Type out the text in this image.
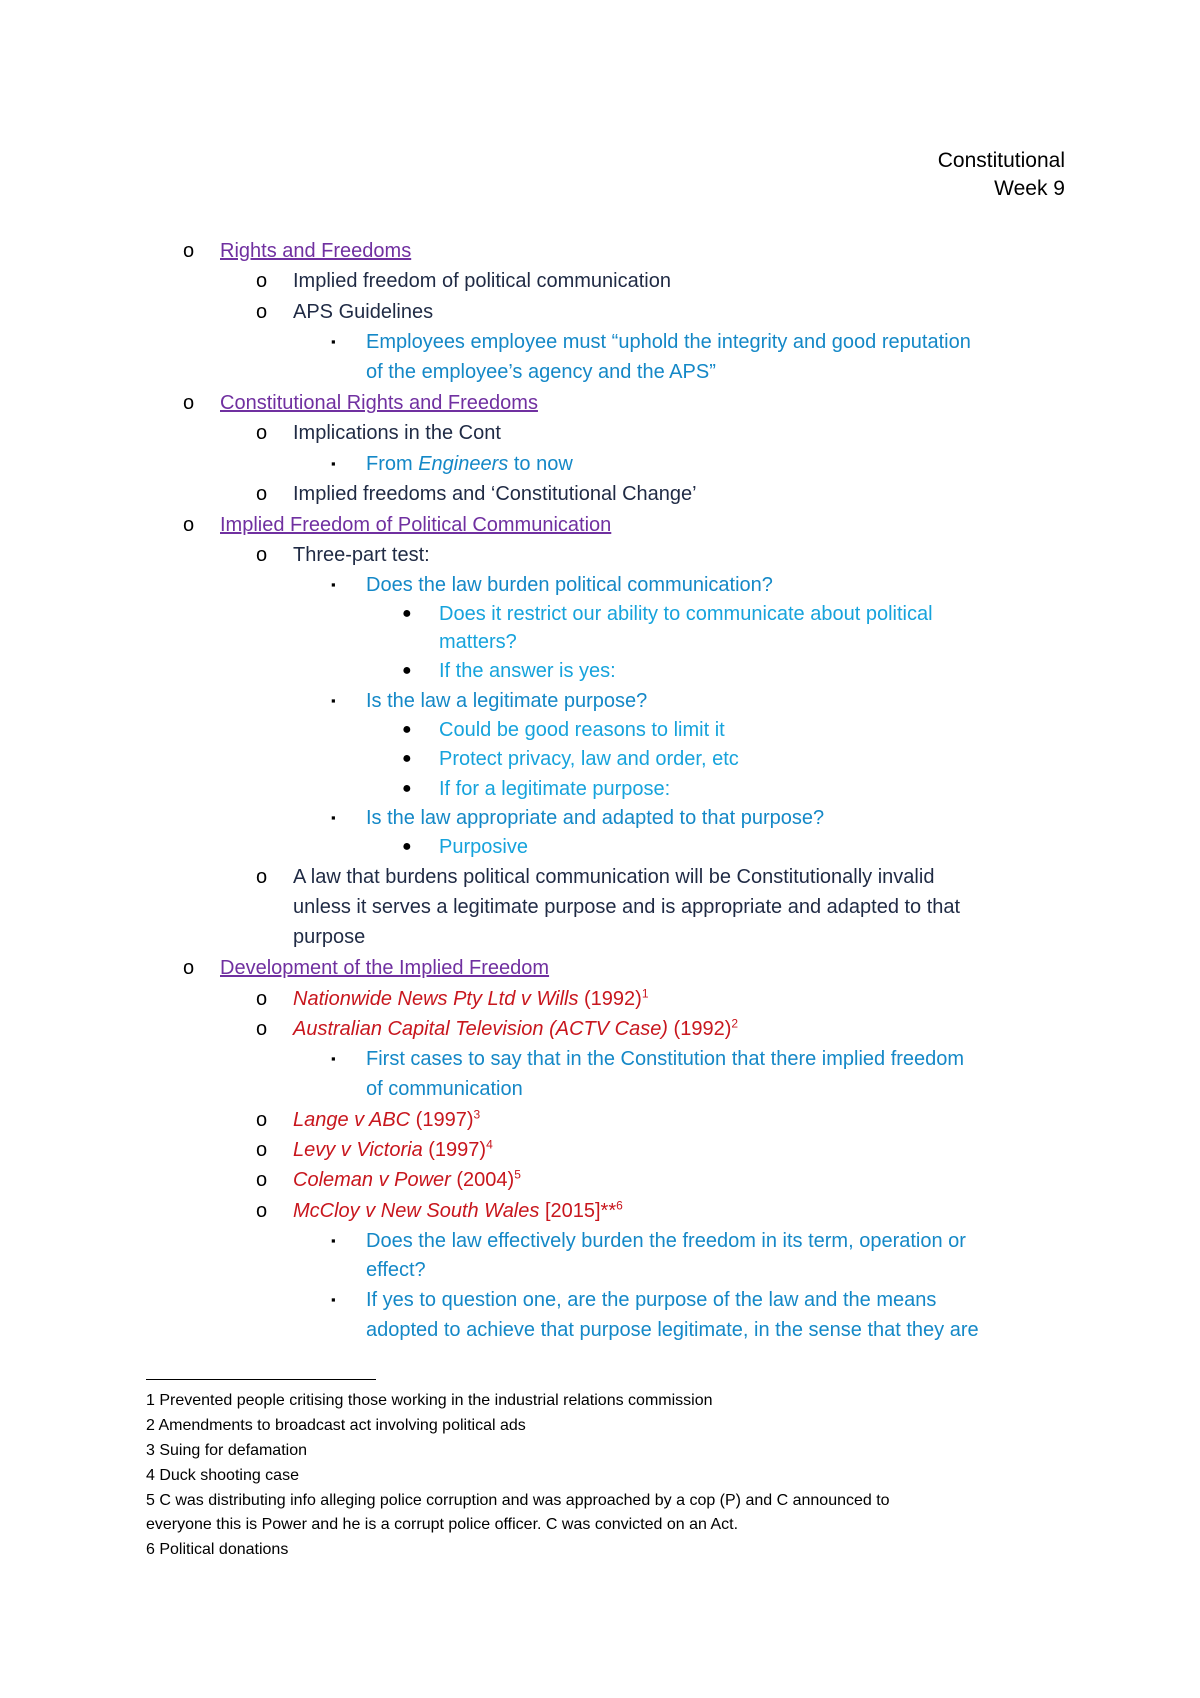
Constitutional
Week 9
o Rights and Freedoms
o Implied freedom of political communication
o APS Guidelines
▪ Employees employee must “uphold the integrity and good reputation
of the employee’s agency and the APS”
o Constitutional Rights and Freedoms
o Implications in the Cont
▪ From Engineers to now
o Implied freedoms and ‘Constitutional Change’
o Implied Freedom of Political Communication
o Three-part test:
▪ Does the law burden political communication?
● Does it restrict our ability to communicate about political
matters?
● If the answer is yes:
▪ Is the law a legitimate purpose?
● Could be good reasons to limit it
● Protect privacy, law and order, etc
● If for a legitimate purpose:
▪ Is the law appropriate and adapted to that purpose?
● Purposive
o A law that burdens political communication will be Constitutionally invalid
unless it serves a legitimate purpose and is appropriate and adapted to that
purpose
o Development of the Implied Freedom
o Nationwide News Pty Ltd v Wills $(1992)^1$
o Australian Capital Television (ACTV Case) $(1992)^2$
▪ First cases to say that in the Constitution that there implied freedom
of communication
o Lange v ABC $(1997)^3$
o Levy v Victoria $(1997)^4$
o Coleman v Power $(2004)^5$
o McCloy v New South Wales [2015]**$^6$
▪ Does the law effectively burden the freedom in its term, operation or
effect?
▪ If yes to question one, are the purpose of the law and the means
adopted to achieve that purpose legitimate, in the sense that they are
1 Prevented people critising those working in the industrial relations commission
2 Amendments to broadcast act involving political ads
3 Suing for defamation
4 Duck shooting case
5 C was distributing info alleging police corruption and was approached by a cop (P) and C announced to
everyone this is Power and he is a corrupt police officer. C was convicted on an Act.
6 Political donations
